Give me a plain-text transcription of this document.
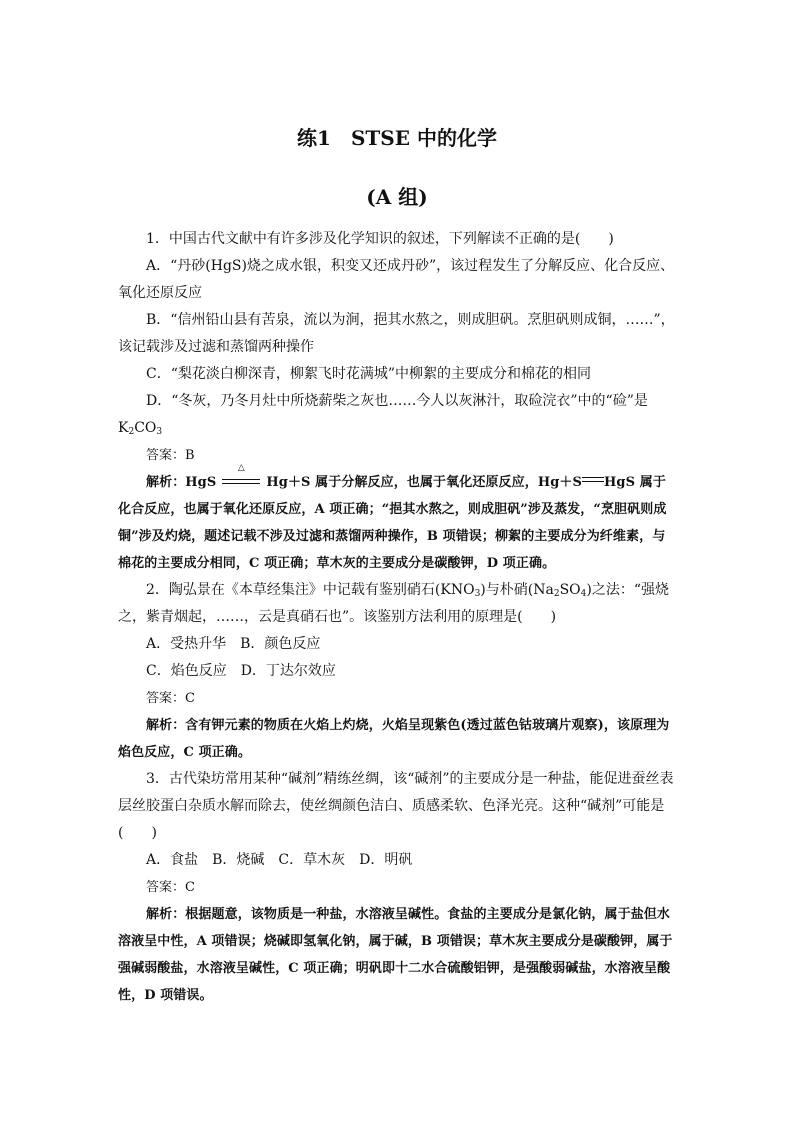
练1　STSE 中的化学
(A 组)

1．中国古代文献中有许多涉及化学知识的叙述，下列解读不正确的是(　　)

A．“丹砂(HgS)烧之成水银，积变又还成丹砂”，该过程发生了分解反应、化合反应、氧化还原反应

B．“信州铅山县有苦泉，流以为涧，挹其水熬之，则成胆矾。烹胆矾则成铜，……”，该记载涉及过滤和蒸馏两种操作

C．“梨花淡白柳深青，柳絮飞时花满城”中柳絮的主要成分和棉花的相同

D．“冬灰，乃冬月灶中所烧薪柴之灰也……今人以灰淋汁，取硷浣衣”中的“硷”是$K_2CO_3$

答案：B

解析：HgS
△
Hg＋S 属于分解反应，也属于氧化还原反应，Hg＋S HgS 属于化合反应，也属于氧化还原反应，A 项正确；“挹其水熬之，则成胆矾”涉及蒸发，“烹胆矾则成铜”涉及灼烧，题述记载不涉及过滤和蒸馏两种操作，B 项错误；柳絮的主要成分为纤维素，与棉花的主要成分相同，C 项正确；草木灰的主要成分是碳酸钾，D 项正确。

2．陶弘景在《本草经集注》中记载有鉴别硝石$(KNO_3)$与朴硝$(Na_2SO_4)$之法：“强烧之，紫青烟起，……，云是真硝石也”。该鉴别方法利用的原理是(　　)

A．受热升华　B．颜色反应

C．焰色反应　D．丁达尔效应

答案：C

解析：含有钾元素的物质在火焰上灼烧，火焰呈现紫色(透过蓝色钴玻璃片观察)，该原理为焰色反应，C 项正确。

3．古代染坊常用某种“碱剂”精练丝绸，该“碱剂”的主要成分是一种盐，能促进蚕丝表层丝胶蛋白杂质水解而除去，使丝绸颜色洁白、质感柔软、色泽光亮。这种“碱剂”可能是(　　)

A．食盐　B．烧碱　C．草木灰　D．明矾

答案：C

解析：根据题意，该物质是一种盐，水溶液呈碱性。食盐的主要成分是氯化钠，属于盐但水溶液呈中性，A 项错误；烧碱即氢氧化钠，属于碱，B 项错误；草木灰主要成分是碳酸钾，属于强碱弱酸盐，水溶液呈碱性，C 项正确；明矾即十二水合硫酸铝钾，是强酸弱碱盐，水溶液呈酸性，D 项错误。
